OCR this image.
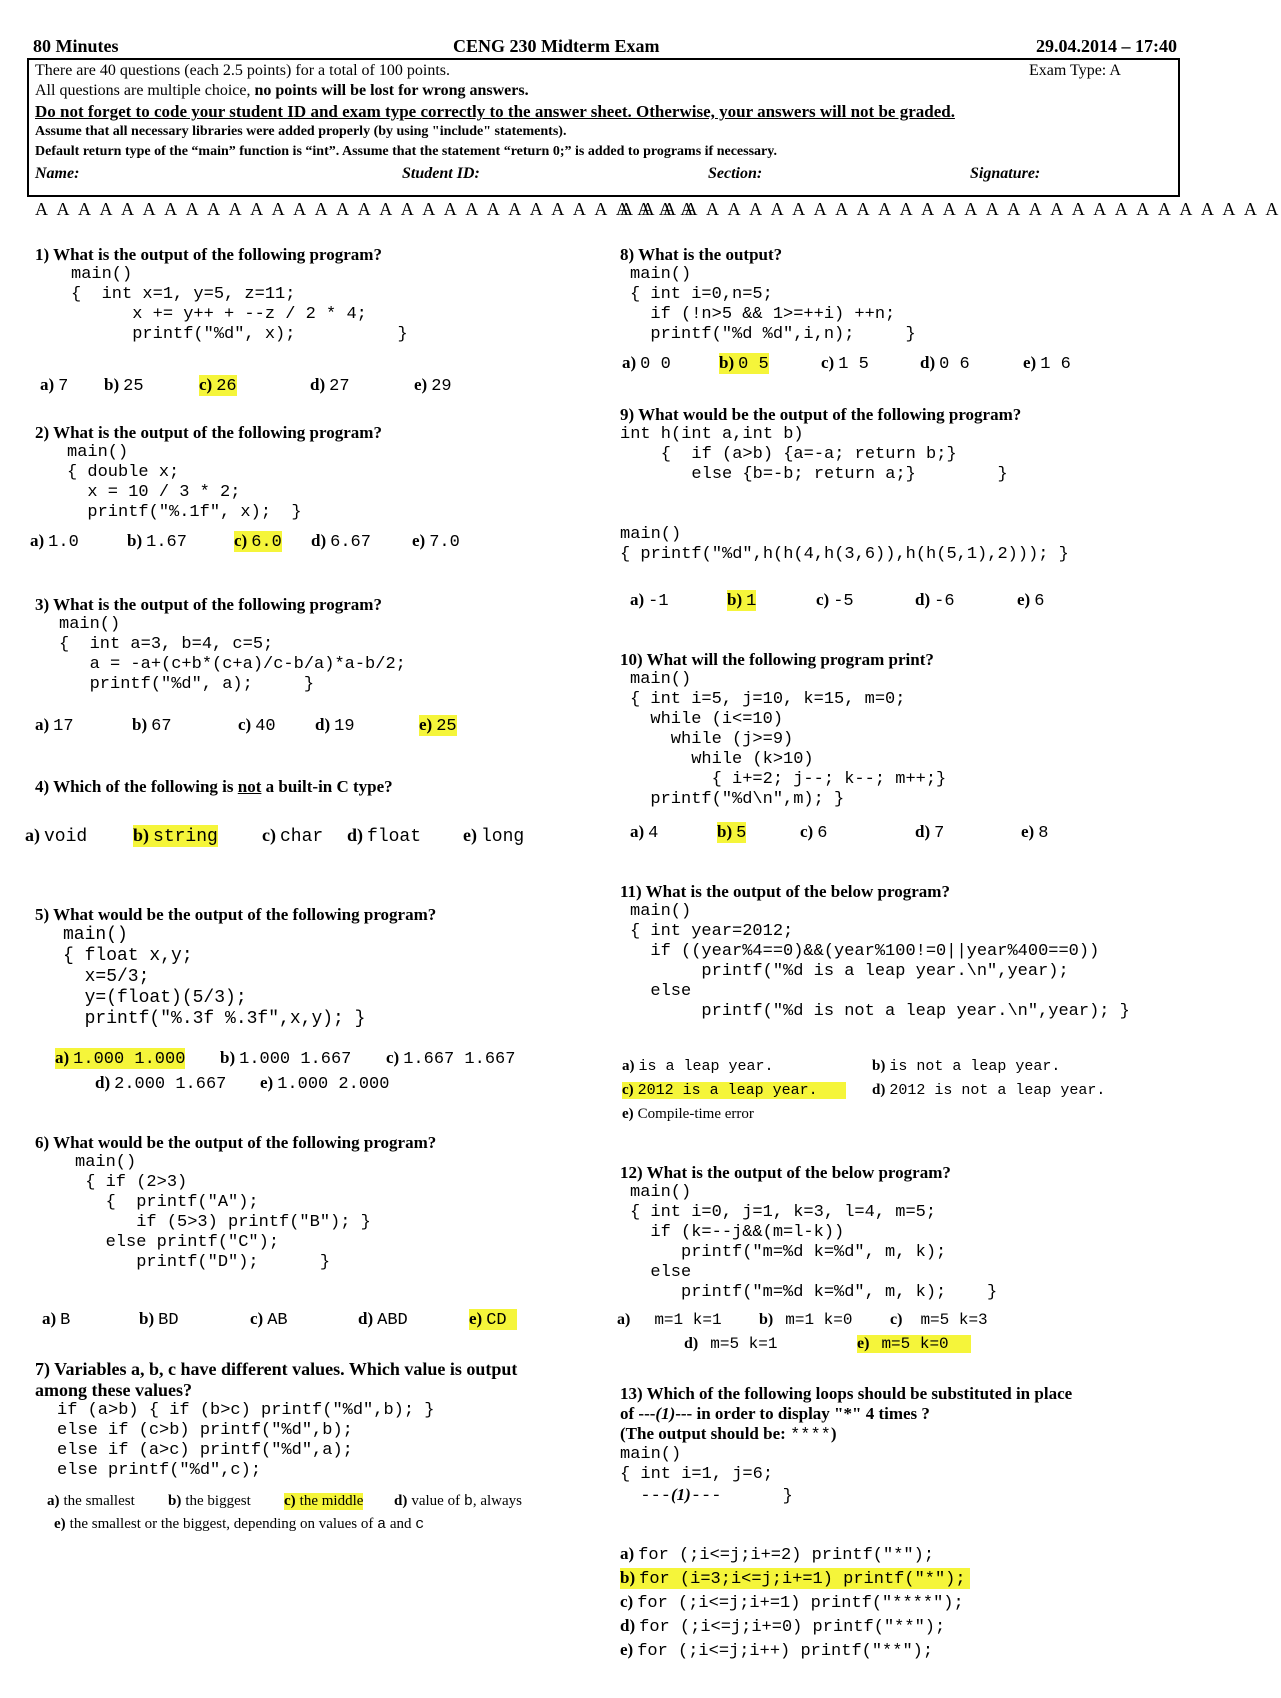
80 Minutes	CENG 230 Midterm Exam	29.04.2014 – 17:40
There are 40 questions (each 2.5 points) for a total of 100 points.	Exam Type: A
All questions are multiple choice, no points will be lost for wrong answers.
Do not forget to code your student ID and exam type correctly to the answer sheet. Otherwise, your answers will not be graded.
Assume that all necessary libraries were added properly (by using "include" statements).
Default return type of the “main” function is “int”. Assume that the statement “return 0;” is added to programs if necessary.
Name:	Student ID:	Section:	Signature:
A A A A A A A A A A A A A A A A A A A A A A A A A A A A A A A
A A A A A A A A A A A A A A A A A A A A A A A A A A A A A A A
1) What is the output of the following program?
main()
{  int x=1, y=5, z=11;
x += y++ + --z / 2 * 4;
printf("%d", x);          }
a) 7 b) 25	c) 26	d) 27	e) 29
2) What is the output of the following program?
main()
{ double x;
x = 10 / 3 * 2;
printf("%.1f", x);  }
a) 1.0	b) 1.67	c) 6.0 d) 6.67 e) 7.0
3) What is the output of the following program?
main()
{  int a=3, b=4, c=5;
a = -a+(c+b*(c+a)/c-b/a)*a-b/2;
printf("%d", a);     }
a) 17	b) 67	c) 40 d) 19	e) 25
4) Which of the following is not a built-in C type?
a) void	b) string c) char d) float e) long
5) What would be the output of the following program?
main()
{ float x,y;
x=5/3;
y=(float)(5/3);
printf("%.3f %.3f",x,y); }
a) 1.000 1.000 b) 1.000 1.667 c) 1.667 1.667
d) 2.000 1.667 e) 1.000 2.000
6) What would be the output of the following program?
main()
{ if (2>3)
{  printf("A");
if (5>3) printf("B"); }
else printf("C");
printf("D");      }
a) B	b) BD	c) AB	d) ABD	e) CD
7) Variables a, b, c have different values. Which value is output
among these values?
if (a>b) { if (b>c) printf("%d",b); }
else if (c>b) printf("%d",b);
else if (a>c) printf("%d",a);
else printf("%d",c);
a) the smallest b) the biggest c) the middle d) value of b, always
e) the smallest or the biggest, depending on values of a and c
8) What is the output?
main()
{ int i=0,n=5;
if (!n>5 && 1>=++i) ++n;
printf("%d %d",i,n);     }
a) 0 0	b) 0 5	c) 1 5	d) 0 6	e) 1 6
9) What would be the output of the following program?
int h(int a,int b)
{  if (a>b) {a=-a; return b;}
else {b=-b; return a;}        }

main()
{ printf("%d",h(h(4,h(3,6)),h(h(5,1),2))); }
a) -1	b) 1	c) -5	d) -6	e) 6
10) What will the following program print?
main()
{ int i=5, j=10, k=15, m=0;
while (i<=10)
while (j>=9)
while (k>10)
{ i+=2; j--; k--; m++;}
printf("%d\n",m); }
a) 4	b) 5	c) 6	d) 7	e) 8
11) What is the output of the below program?
main()
{ int year=2012;
if ((year%4==0)&&(year%100!=0||year%400==0))
printf("%d is a leap year.\n",year);
else
printf("%d is not a leap year.\n",year); }
a) is a leap year.	b) is not a leap year.
c) 2012 is a leap year.	d) 2012 is not a leap year.
e) Compile-time error
12) What is the output of the below program?
main()
{ int i=0, j=1, k=3, l=4, m=5;
if (k=--j&&(m=l-k))
printf("m=%d k=%d", m, k);
else
printf("m=%d k=%d", m, k);    }
a) m=1 k=1 b) m=1 k=0 c) m=5 k=3
d) m=5 k=1	e) m=5 k=0
13) Which of the following loops should be substituted in place
of ---(1)--- in order to display "*" 4 times ?
(The output should be: ****)
main()
{ int i=1, j=6;
---(1)---      }
a) for (;i<=j;i+=2) printf("*");
b) for (i=3;i<=j;i+=1) printf("*");
c) for (;i<=j;i+=1) printf("****");
d) for (;i<=j;i+=0) printf("**");
e) for (;i<=j;i++) printf("**");
